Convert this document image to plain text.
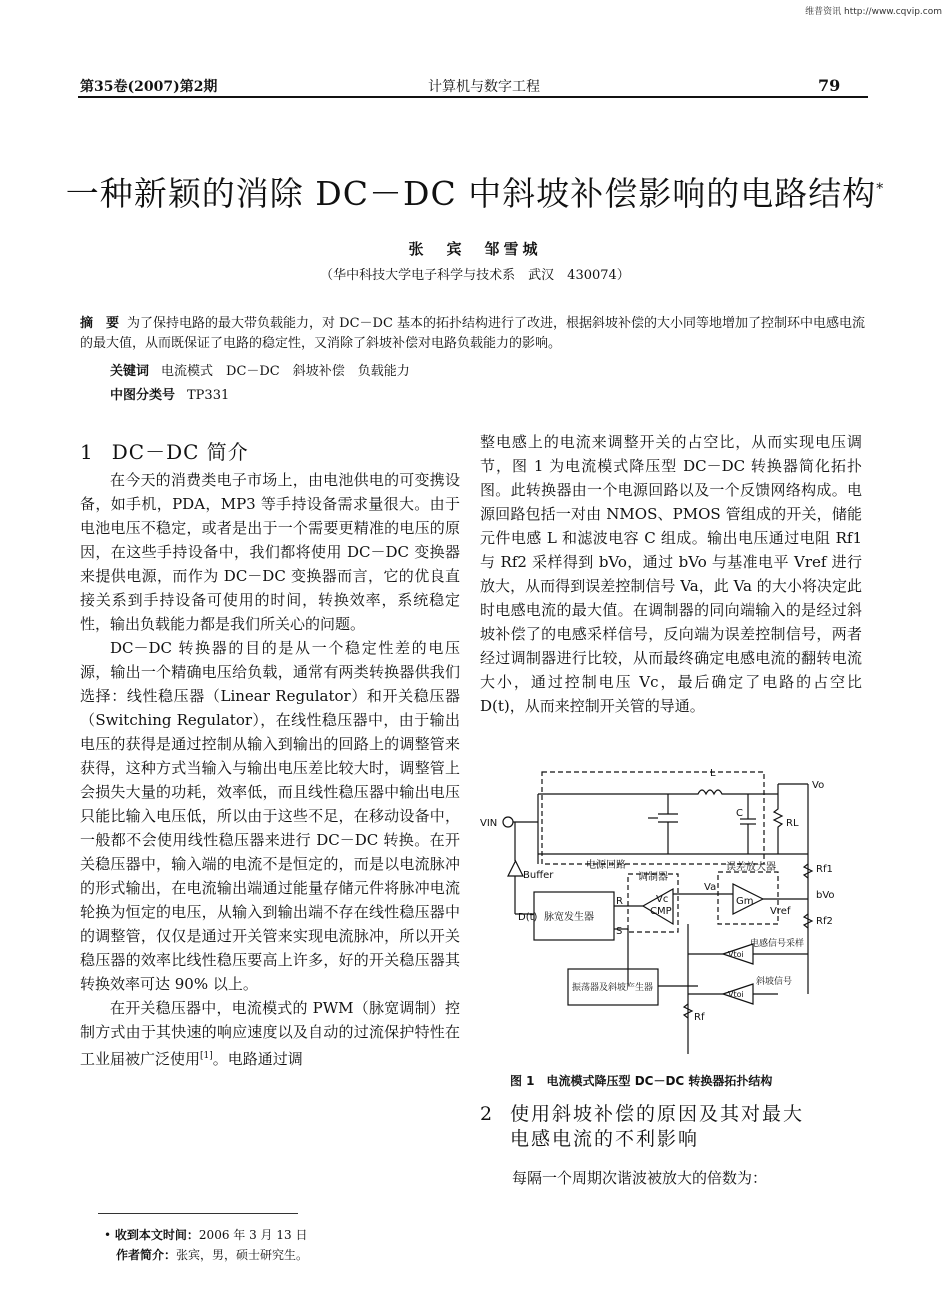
维普资讯 http://www.cqvip.com
第35卷(2007)第2期	计算机与数字工程	79
一种新颖的消除 DC－DC 中斜坡补偿影响的电路结构*
张　宾　邹雪城
（华中科技大学电子科学与技术系　武汉　430074）
摘　要 为了保持电路的最大带负载能力，对 DC－DC 基本的拓扑结构进行了改进，根据斜坡补偿的大小同等地增加了控制环中电感电流的最大值，从而既保证了电路的稳定性，又消除了斜坡补偿对电路负载能力的影响。
关键词 电流模式　DC－DC　斜坡补偿　负载能力
中图分类号 TP331
1 DC－DC 简介

在今天的消费类电子市场上，由电池供电的可变携设备，如手机，PDA，MP3 等手持设备需求量很大。由于电池电压不稳定，或者是出于一个需要更精准的电压的原因，在这些手持设备中，我们都将使用 DC－DC 变换器来提供电源，而作为 DC－DC 变换器而言，它的优良直接关系到手持设备可使用的时间，转换效率，系统稳定性，输出负载能力都是我们所关心的问题。

DC－DC 转换器的目的是从一个稳定性差的电压源，输出一个精确电压给负载，通常有两类转换器供我们选择：线性稳压器（Linear Regulator）和开关稳压器（Switching Regulator），在线性稳压器中，由于输出电压的获得是通过控制从输入到输出的回路上的调整管来获得，这种方式当输入与输出电压差比较大时，调整管上会损失大量的功耗，效率低，而且线性稳压器中输出电压只能比输入电压低，所以由于这些不足，在移动设备中，一般都不会使用线性稳压器来进行 DC－DC 转换。在开关稳压器中，输入端的电流不是恒定的，而是以电流脉冲的形式输出，在电流输出端通过能量存储元件将脉冲电流轮换为恒定的电压，从输入到输出端不存在线性稳压器中的调整管，仅仅是通过开关管来实现电流脉冲，所以开关稳压器的效率比线性稳压要高上许多，好的开关稳压器其转换效率可达 90% 以上。

在开关稳压器中，电流模式的 PWM（脉宽调制）控制方式由于其快速的响应速度以及自动的过流保护特性在工业届被广泛使用[1]。电路通过调

整电感上的电流来调整开关的占空比，从而实现电压调节，图 1 为电流模式降压型 DC－DC 转换器简化拓扑图。此转换器由一个电源回路以及一个反馈网络构成。电源回路包括一对由 NMOS、PMOS 管组成的开关，储能元件电感 L 和滤波电容 C 组成。输出电压通过电阻 Rf1 与 Rf2 采样得到 bVo，通过 bVo 与基准电平 Vref 进行放大，从而得到误差控制信号 Va，此 Va 的大小将决定此时电感电流的最大值。在调制器的同向端输入的是经过斜坡补偿了的电感采样信号，反向端为误差控制信号，两者经过调制器进行比较，从而最终确定电感电流的翻转电流大小，通过控制电压 Vc，最后确定了电路的占空比 D(t)，从而来控制开关管的导通。

VIN
Vo
L
C
RL
Buffer
电源回路
调制器
误差放大器	Rf1
bVo
Vref
Rf2
Va
Vc
CMP
Gm
R
S
D(t) 脉宽发生器
振荡器及斜坡产生器
电感信号采样
斜坡信号
Vtoi
Vtoi
Rf
图 1　电流模式降压型 DC－DC 转换器拓扑结构
2 使用斜坡补偿的原因及其对最大
电感电流的不利影响
每隔一个周期次谐波被放大的倍数为：
• 收到本文时间：2006 年 3 月 13 日
　作者简介：张宾，男，硕士研究生。
